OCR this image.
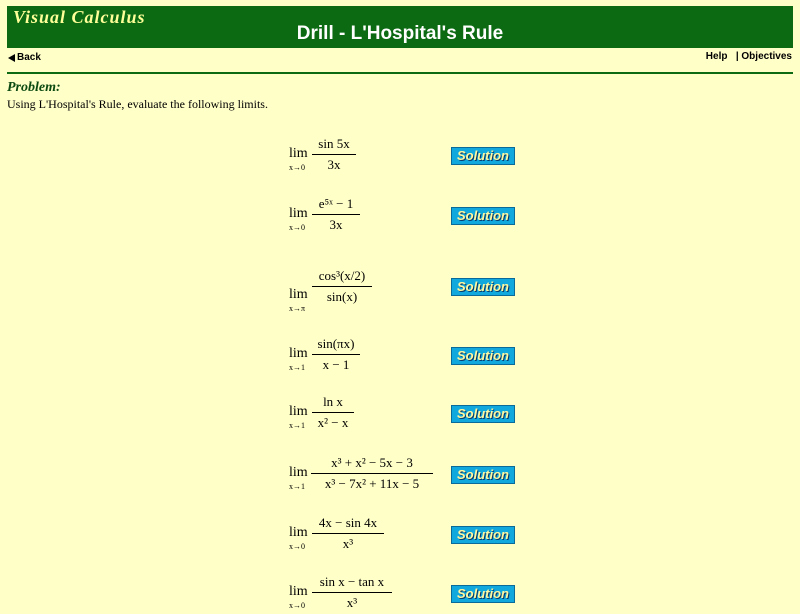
Visual Calculus
Drill - L'Hospital's Rule
Back	Help | Objectives
Problem:
Using L'Hospital's Rule, evaluate the following limits.
lim
x→0
sin 5x
3x
Solution
lim
x→0
e⁵ˣ − 1
3x
Solution
lim
x→π
cos³(x/2)
sin(x)
Solution
lim
x→1
sin(πx)
x − 1
Solution
lim
x→1
ln x
x² − x
Solution
lim
x→1
x³ + x² − 5x − 3
x³ − 7x² + 11x − 5
Solution
lim
x→0
4x − sin 4x
x³
Solution
lim
x→0
sin x − tan x
x³
Solution
